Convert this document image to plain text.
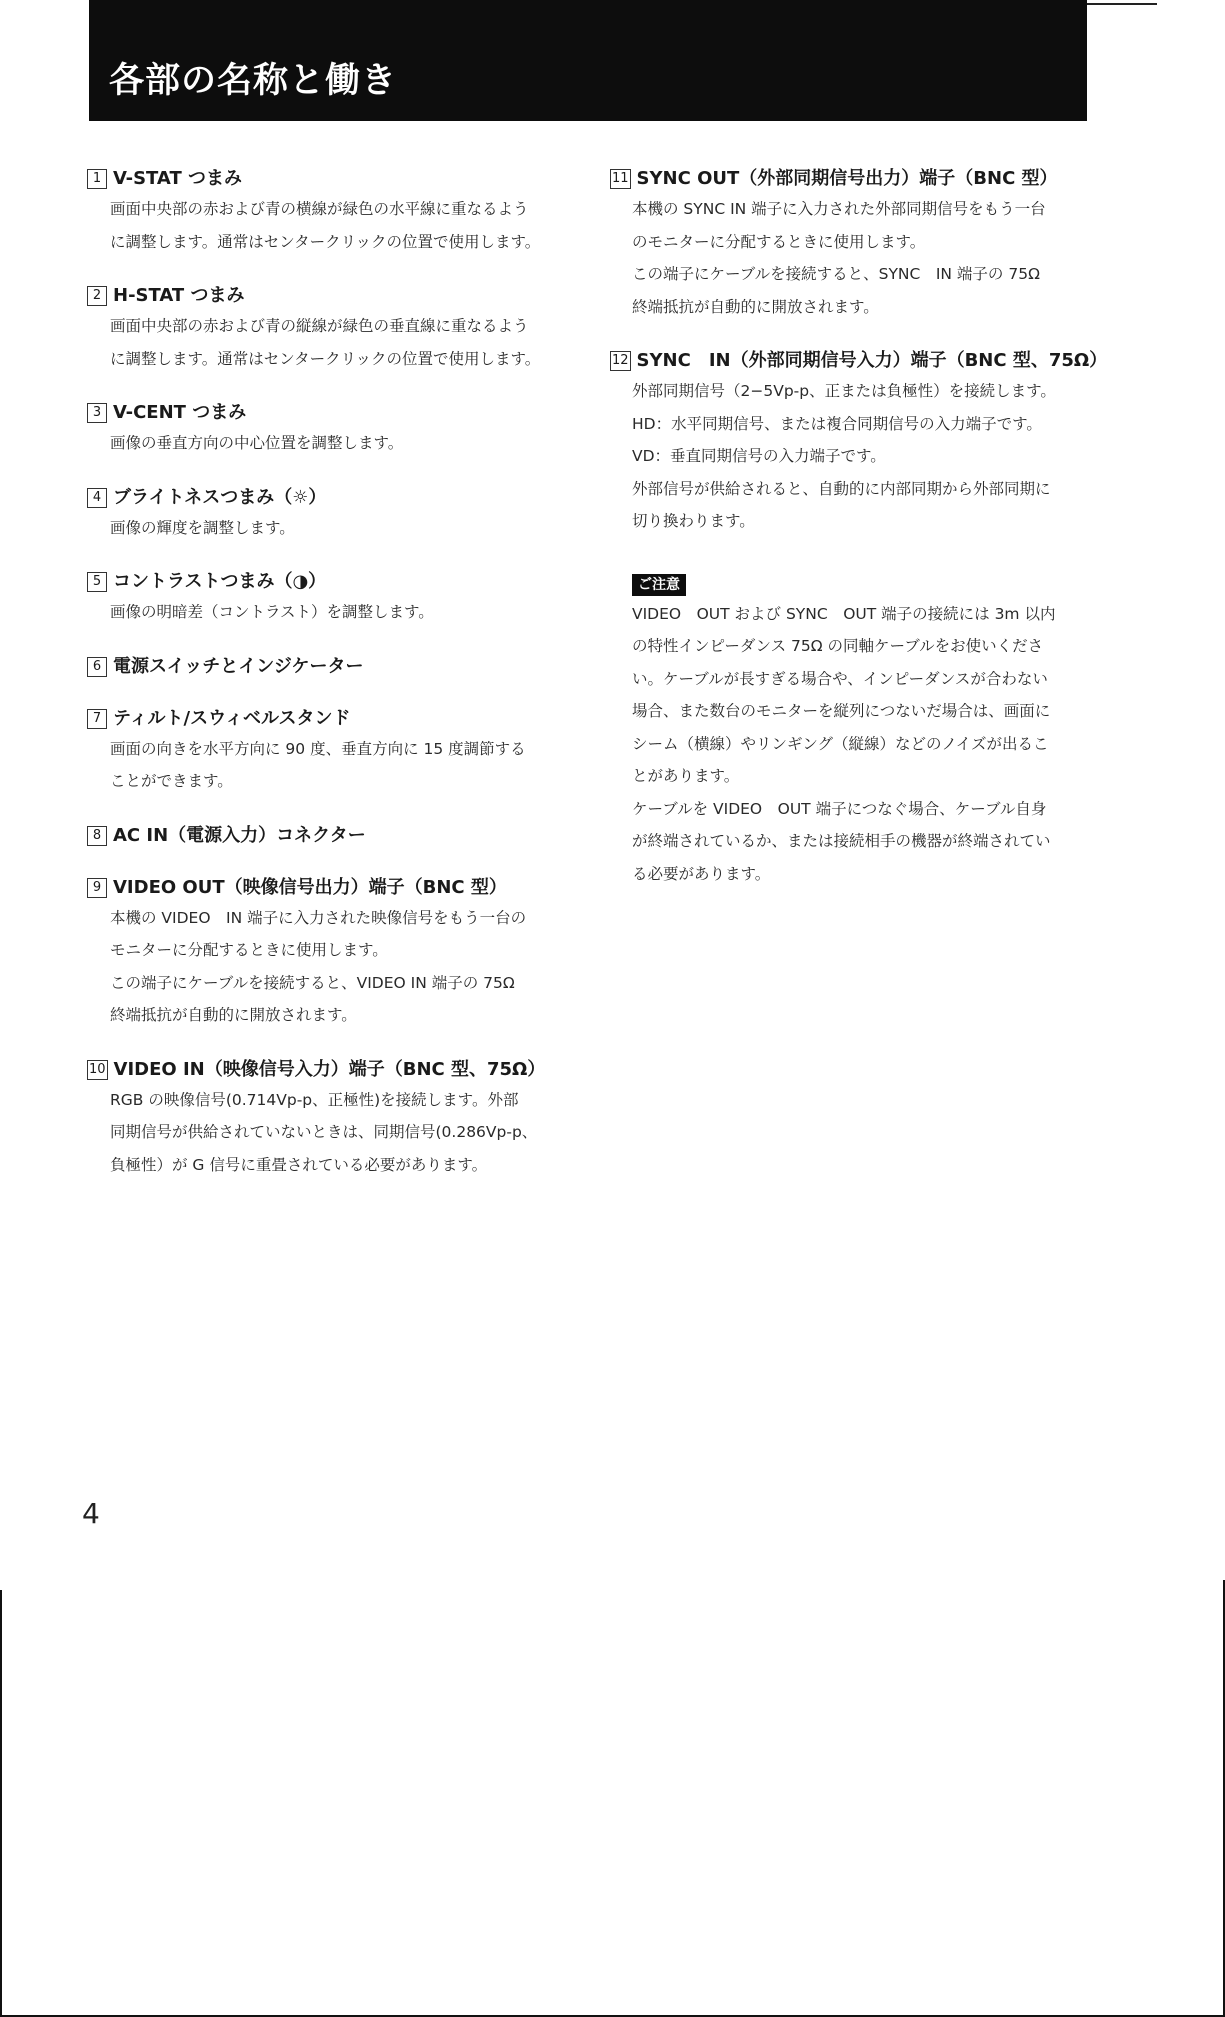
各部の名称と働き
1 V-STAT つまみ
画面中央部の赤および青の横線が緑色の水平線に重なるよう
に調整します。通常はセンタークリックの位置で使用します。
2 H-STAT つまみ
画面中央部の赤および青の縦線が緑色の垂直線に重なるよう
に調整します。通常はセンタークリックの位置で使用します。
3 V-CENT つまみ
画像の垂直方向の中心位置を調整します。
4 ブライトネスつまみ（☼）
画像の輝度を調整します。
5 コントラストつまみ（◑）
画像の明暗差（コントラスト）を調整します。
6 電源スイッチとインジケーター
7 ティルト/スウィベルスタンド
画面の向きを水平方向に 90 度、垂直方向に 15 度調節する
ことができます。
8 AC IN（電源入力）コネクター
9 VIDEO OUT（映像信号出力）端子（BNC 型）
本機の VIDEO　IN 端子に入力された映像信号をもう一台の
モニターに分配するときに使用します。
この端子にケーブルを接続すると、VIDEO IN 端子の 75Ω
終端抵抗が自動的に開放されます。
10 VIDEO IN（映像信号入力）端子（BNC 型、75Ω）
RGB の映像信号(0.714Vp-p、正極性)を接続します。外部
同期信号が供給されていないときは、同期信号(0.286Vp-p、
負極性）が G 信号に重畳されている必要があります。
11 SYNC OUT（外部同期信号出力）端子（BNC 型）
本機の SYNC IN 端子に入力された外部同期信号をもう一台
のモニターに分配するときに使用します。
この端子にケーブルを接続すると、SYNC　IN 端子の 75Ω
終端抵抗が自動的に開放されます。
12 SYNC　IN（外部同期信号入力）端子（BNC 型、75Ω）
外部同期信号（2−5Vp-p、正または負極性）を接続します。
HD：水平同期信号、または複合同期信号の入力端子です。
VD：垂直同期信号の入力端子です。
外部信号が供給されると、自動的に内部同期から外部同期に
切り換わります。
ご注意
VIDEO　OUT および SYNC　OUT 端子の接続には 3m 以内
の特性インピーダンス 75Ω の同軸ケーブルをお使いくださ
い。ケーブルが長すぎる場合や、インピーダンスが合わない
場合、また数台のモニターを縦列につないだ場合は、画面に
シーム（横線）やリンギング（縦線）などのノイズが出るこ
とがあります。
ケーブルを VIDEO　OUT 端子につなぐ場合、ケーブル自身
が終端されているか、または接続相手の機器が終端されてい
る必要があります。
4
